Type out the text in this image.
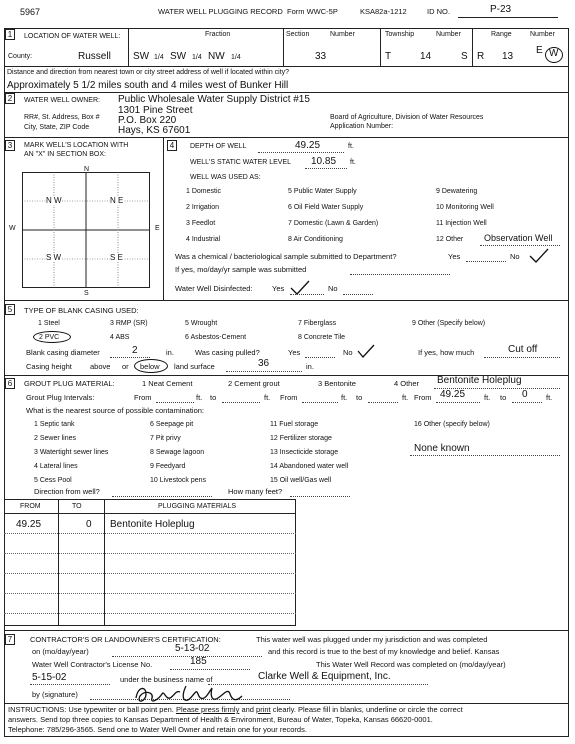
5967	WATER WELL PLUGGING RECORD Form WWC-5P	KSA82a-1212	ID NO.	P-23
1	LOCATION OF WATER WELL:	Fraction	Section	Number	Township	Number	Range	Number
County:	Russell SW 1/4 SW 1/4 NW 1/4	33	T	14	S R 13
E W
Distance and direction from nearest town or city street address of well if located within city?
Approximately 5 1/2 miles south and 4 miles west of Bunker Hill
2	WATER WELL OWNER: Public Wholesale Water Supply District #15
1301 Pine Street
RR#, St. Address, Box # P.O. Box 220	Board of Agriculture, Division of Water Resources
City, State, ZIP Code	Hays, KS 67601	Application Number:
3	MARK WELL'S LOCATION WITH
AN "X" IN SECTION BOX:
N
S
W	E
N W	N E
S W	S E
4	DEPTH OF WELL	49.25	ft.
WELL'S STATIC WATER LEVEL 10.85 ft.
WELL WAS USED AS:
1 Domestic
2 Irrigation
3 Feedlot
4 Industrial
5 Public Water Supply
6 Oil Field Water Supply
7 Domestic (Lawn & Garden)
8 Air Conditioning
9 Dewatering
10 Monitoring Well
11 Injection Well
12 Other Observation Well
Was a chemical / bacteriological sample submitted to Department?	Yes	No
If yes, mo/day/yr sample was submitted
Water Well Disinfected:	Yes	No
5	TYPE OF BLANK CASING USED:
1 Steel
2 PVC
3 RMP (SR)
4 ABS
5 Wrought
6 Asbestos-Cement
7 Fiberglass
8 Concrete Tile
9 Other (Specify below)
Blank casing diameter	2	in.	Was casing pulled?	Yes	No	If yes, how much	Cut off
Casing height above or below land surface	36	in.
6	GROUT PLUG MATERIAL:	1 Neat Cement	2 Cement grout	3 Bentonite	4 Other Bentonite Holeplug
Grout Plug Intervals:	From	ft. to	ft. From	ft. to	ft. From 49.25	ft. to 0 ft.
What is the nearest source of possible contamination:
1 Septic tank
2 Sewer lines
3 Watertight sewer lines
4 Lateral lines
5 Cess Pool
6 Seepage pit
7 Pit privy
8 Sewage lagoon
9 Feedyard
10 Livestock pens
11 Fuel storage
12 Fertilizer storage
13 Insecticide storage
14 Abandoned water well
15 Oil well/Gas well
16 Other (specify below)
None known
Direction from well?	How many feet?
FROM	TO	PLUGGING MATERIALS
49.25	0 Bentonite Holeplug
7	CONTRACTOR'S OR LANDOWNER'S CERTIFICATION:	This water well was plugged under my jurisdiction and was completed
on (mo/day/year)	5-13-02	and this record is true to the best of my knowledge and belief. Kansas
Water Well Contractor's License No.	185	This Water Well Record was completed on (mo/day/year)
5-15-02	under the business name of	Clarke Well & Equipment, Inc.
by (signature)
INSTRUCTIONS: Use typewriter or ball point pen. Please press firmly and print clearly. Please fill in blanks, underline or circle the correct
answers. Send top three copies to Kansas Department of Health & Environment, Bureau of Water, Topeka, Kansas 66620-0001.
Telephone: 785/296-3565. Send one to Water Well Owner and retain one for your records.
